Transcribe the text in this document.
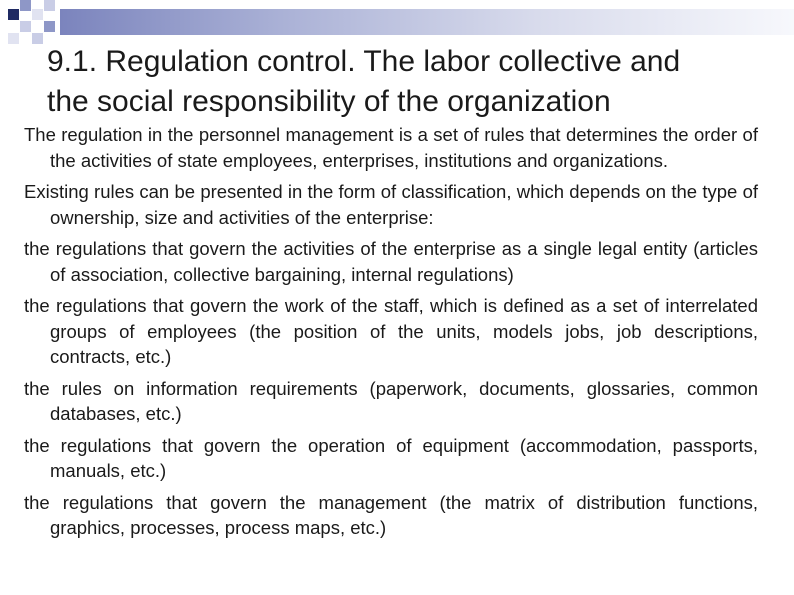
9.1. Regulation control. The labor collective and
the social responsibility of the organization

The regulation in the personnel management is a set of rules that determines the order of the activities of state employees, enterprises, institutions and organizations.

Existing rules can be presented in the form of classification, which depends on the type of ownership, size and activities of the enterprise:

the regulations that govern the activities of the enterprise as a single legal entity (articles of association, collective bargaining, internal regulations)

the regulations that govern the work of the staff, which is defined as a set of interrelated groups of employees (the position of the units, models jobs, job descriptions, contracts, etc.)

the rules on information requirements (paperwork, documents, glossaries, common databases, etc.)

the regulations that govern the operation of equipment (accommodation, passports, manuals, etc.)

the regulations that govern the management (the matrix of distribution functions, graphics, processes, process maps, etc.)
